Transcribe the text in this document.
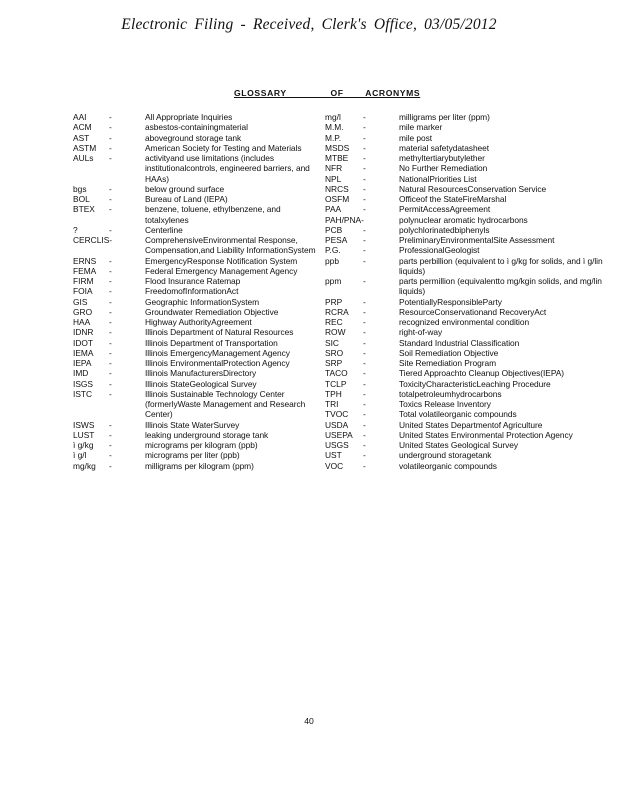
Electronic Filing - Received, Clerk's Office, 03/05/2012
GLOSSARY    OF  ACRONYMS
AAI	-	All Appropriate Inquiries
ACM -	asbestos-containingmaterial
AST -	aboveground storage tank
ASTM -	American Society for Testing and Materials
AULs -	activityand use limitations (includes institutionalcontrols, engineered barriers, and HAAs)
bgs	-	below ground surface
BOL -	Bureau of Land (IEPA)
BTEX -	benzene, toluene, ethylbenzene, and totalxylenes
?	-	Centerline
CERCLIS-	ComprehensiveEnvironmental Response, Compensation,and Liability InformationSystem
ERNS -	EmergencyResponse Notification System
FEMA -	Federal Emergency Management Agency
FIRM -	Flood Insurance Ratemap
FOIA -	FreedomofInformationAct
GIS	-	Geographic InformationSystem
GRO -	Groundwater Remediation Objective
HAA -	Highway AuthorityAgreement
IDNR -	Illinois Department of Natural Resources
IDOT -	Illinois Department of Transportation
IEMA -	Illinois EmergencyManagement Agency
IEPA -	Illinois EnvironmentalProtection Agency
IMD -	Illinois ManufacturersDirectory
ISGS -	Illinois StateGeological Survey
ISTC -	Illinois Sustainable Technology Center (formerlyWaste Management and Research Center)
ISWS -	Illinois State WaterSurvey
LUST -	leaking underground storage tank
ì g/kg -	micrograms per kilogram (ppb)
ì g/l	-	micrograms per liter (ppb)
mg/kg -	milligrams per kilogram (ppm)
mg/l	-	milligrams per liter (ppm)
M.M. -	mile marker
M.P.	-	mile post
MSDS -	material safetydatasheet
MTBE -	methyltertiarybutylether
NFR -	No Further Remediation
NPL	-	NationalPriorities List
NRCS -	Natural ResourcesConservation Service
OSFM -	Officeof the StateFireMarshal
PAA	-	PermitAccessAgreement
PAH/PNA-	polynuclear aromatic hydrocarbons
PCB -	polychlorinatedbiphenyls
PESA -	PreliminaryEnvironmentalSite Assessment
P.G.	-	ProfessionalGeologist
ppb	-	parts perbillion (equivalent to ì g/kg for solids, and ì g/lin liquids)
ppm	-	parts permillion (equivalentto mg/kgin solids, and mg/lin liquids)
PRP -	PotentiallyResponsibleParty
RCRA -	ResourceConservationand RecoveryAct
REC -	recognized environmental condition
ROW -	right-of-way
SIC	-	Standard Industrial Classification
SRO -	Soil Remediation Objective
SRP -	Site Remediation Program
TACO -	Tiered Approachto Cleanup Objectives(IEPA)
TCLP -	ToxicityCharacteristicLeaching Procedure
TPH	-	totalpetroleumhydrocarbons
TRI	-	Toxics Release Inventory
TVOC -	Total volatileorganic compounds
USDA -	United States Departmentof Agriculture
USEPA -	United States Environmental Protection Agency
USGS -	United States Geological Survey
UST	-	underground storagetank
VOC -	volatileorganic compounds
40
